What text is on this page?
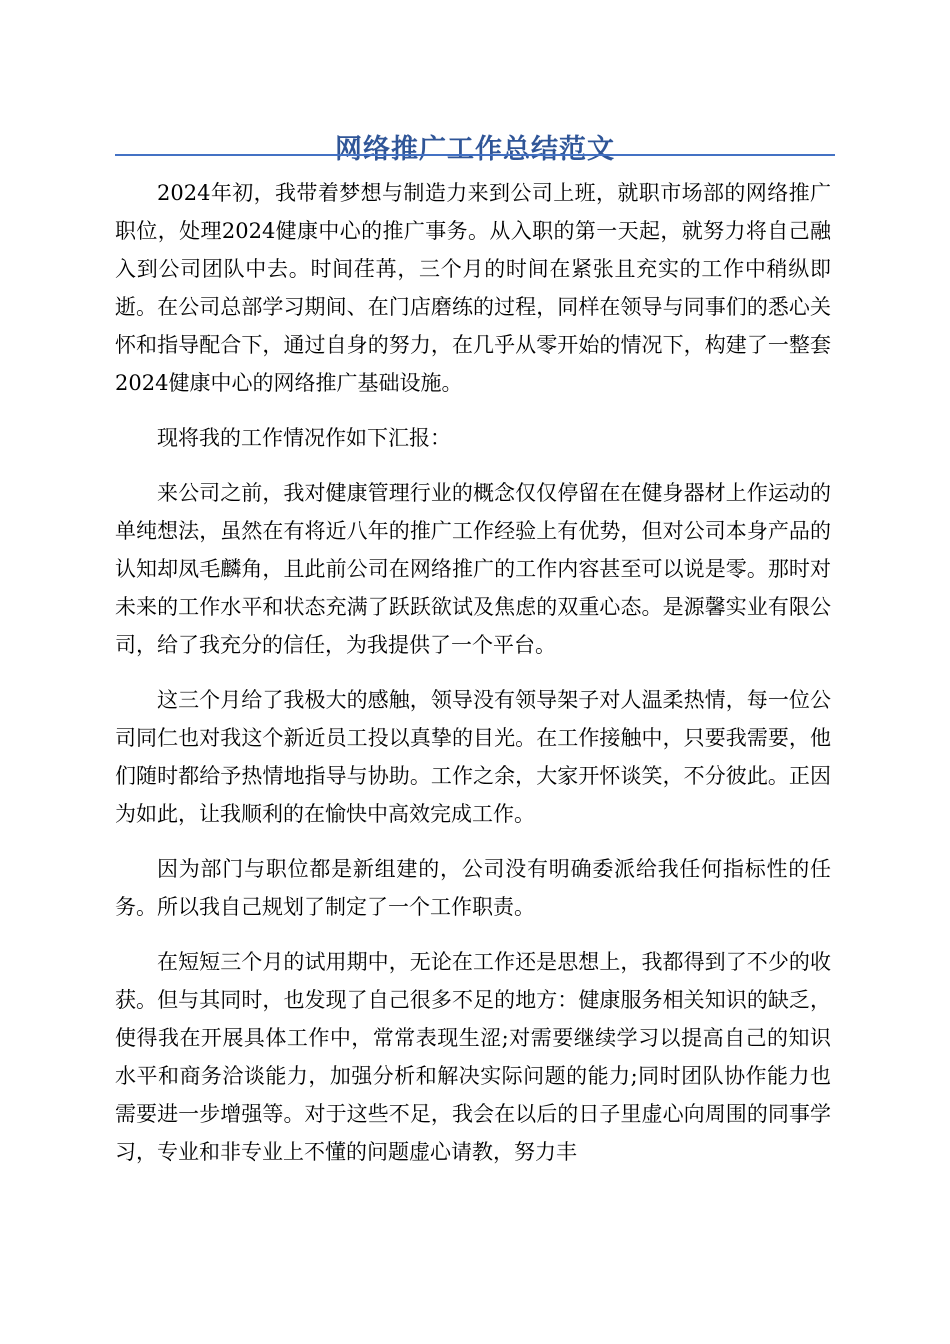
网络推广工作总结范文

2024年初，我带着梦想与制造力来到公司上班，就职市场部的网络推广职位，处理2024健康中心的推广事务。从入职的第一天起，就努力将自己融入到公司团队中去。时间荏苒，三个月的时间在紧张且充实的工作中稍纵即逝。在公司总部学习期间、在门店磨练的过程，同样在领导与同事们的悉心关怀和指导配合下，通过自身的努力，在几乎从零开始的情况下，构建了一整套2024健康中心的网络推广基础设施。

现将我的工作情况作如下汇报：

来公司之前，我对健康管理行业的概念仅仅停留在在健身器材上作运动的单纯想法，虽然在有将近八年的推广工作经验上有优势，但对公司本身产品的认知却凤毛麟角，且此前公司在网络推广的工作内容甚至可以说是零。那时对未来的工作水平和状态充满了跃跃欲试及焦虑的双重心态。是源馨实业有限公司，给了我充分的信任，为我提供了一个平台。

这三个月给了我极大的感触，领导没有领导架子对人温柔热情，每一位公司同仁也对我这个新近员工投以真挚的目光。在工作接触中，只要我需要，他们随时都给予热情地指导与协助。工作之余，大家开怀谈笑，不分彼此。正因为如此，让我顺利的在愉快中高效完成工作。

因为部门与职位都是新组建的，公司没有明确委派给我任何指标性的任务。所以我自己规划了制定了一个工作职责。

在短短三个月的试用期中，无论在工作还是思想上，我都得到了不少的收获。但与其同时，也发现了自己很多不足的地方：健康服务相关知识的缺乏，使得我在开展具体工作中，常常表现生涩;对需要继续学习以提高自己的知识水平和商务洽谈能力，加强分析和解决实际问题的能力;同时团队协作能力也需要进一步增强等。对于这些不足，我会在以后的日子里虚心向周围的同事学习，专业和非专业上不懂的问题虚心请教，努力丰
